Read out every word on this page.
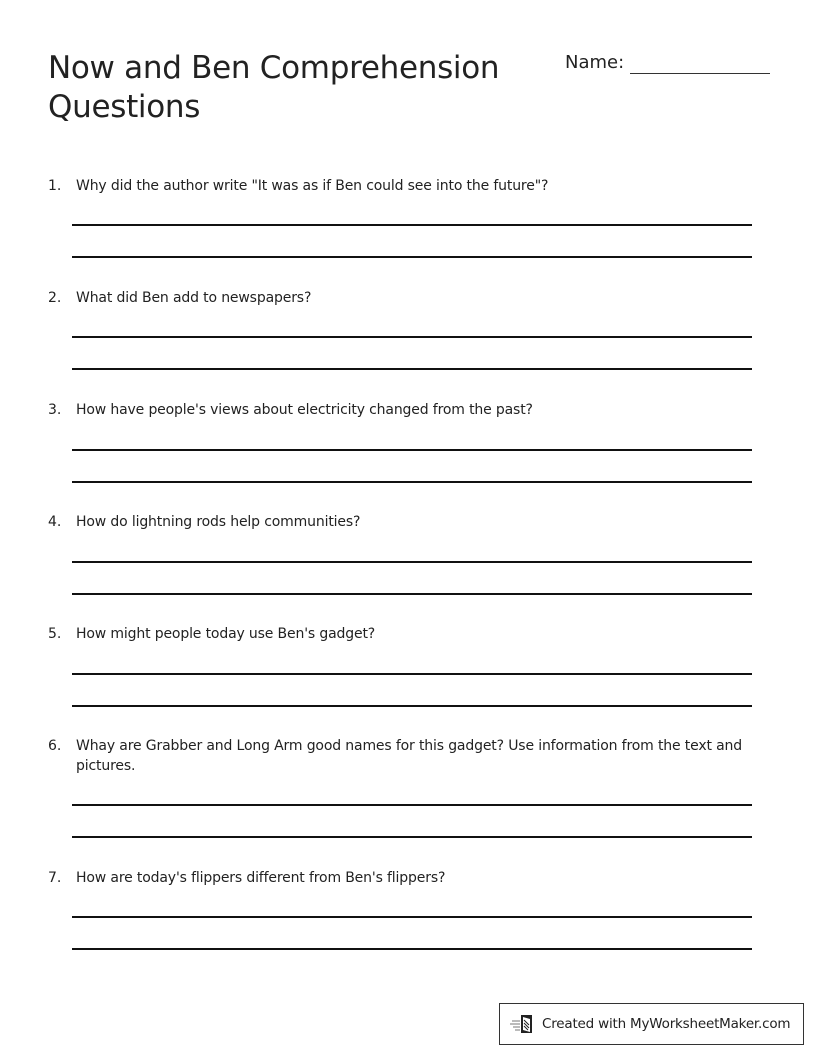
Now and Ben Comprehension Questions
Name:
1.	Why did the author write "It was as if Ben could see into the future"?
2.	What did Ben add to newspapers?
3.	How have people's views about electricity changed from the past?
4.	How do lightning rods help communities?
5.	How might people today use Ben's gadget?
6.	Whay are Grabber and Long Arm good names for this gadget? Use information from the text and pictures.
7.	How are today's flippers different from Ben's flippers?
Created with MyWorksheetMaker.com
